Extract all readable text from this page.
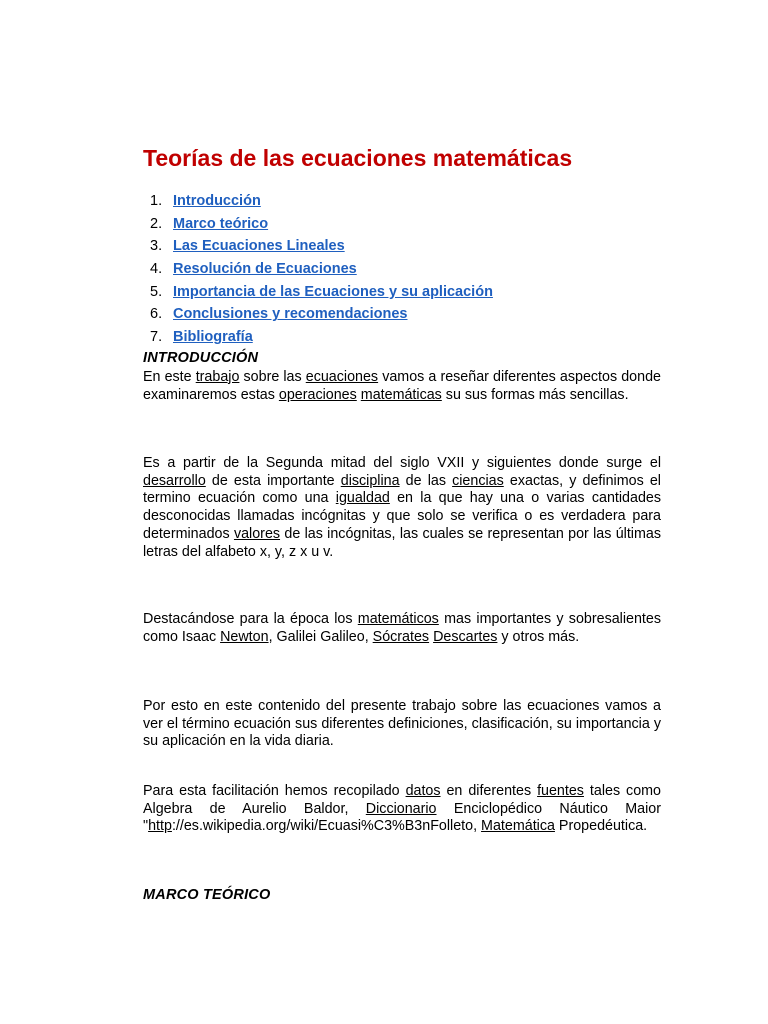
Teorías de las ecuaciones matemáticas
1. Introducción
2. Marco teórico
3. Las Ecuaciones Lineales
4. Resolución de Ecuaciones
5. Importancia de las Ecuaciones y su aplicación
6. Conclusiones y recomendaciones
7. Bibliografía
INTRODUCCIÓN

En este trabajo sobre las ecuaciones vamos a reseñar diferentes aspectos donde examinaremos estas operaciones matemáticas su sus formas más sencillas.

Es a partir de la Segunda mitad del siglo VXII y siguientes donde surge el desarrollo de esta importante disciplina de las ciencias exactas, y definimos el termino ecuación como una igualdad en la que hay una o varias cantidades desconocidas llamadas incógnitas y que solo se verifica o es verdadera para determinados valores de las incógnitas, las cuales se representan por las últimas letras del alfabeto x, y, z x u v.

Destacándose para la época los matemáticos mas importantes y sobresalientes como Isaac Newton, Galilei Galileo, Sócrates Descartes y otros más.

Por esto en este contenido del presente trabajo sobre las ecuaciones vamos a ver el término ecuación sus diferentes definiciones, clasificación, su importancia y su aplicación en la vida diaria.

Para esta facilitación hemos recopilado datos en diferentes fuentes tales como Algebra de Aurelio Baldor, Diccionario Enciclopédico Náutico Maior "http://es.wikipedia.org/wiki/Ecuasi%C3%B3nFolleto, Matemática Propedéutica.

MARCO TEÓRICO
